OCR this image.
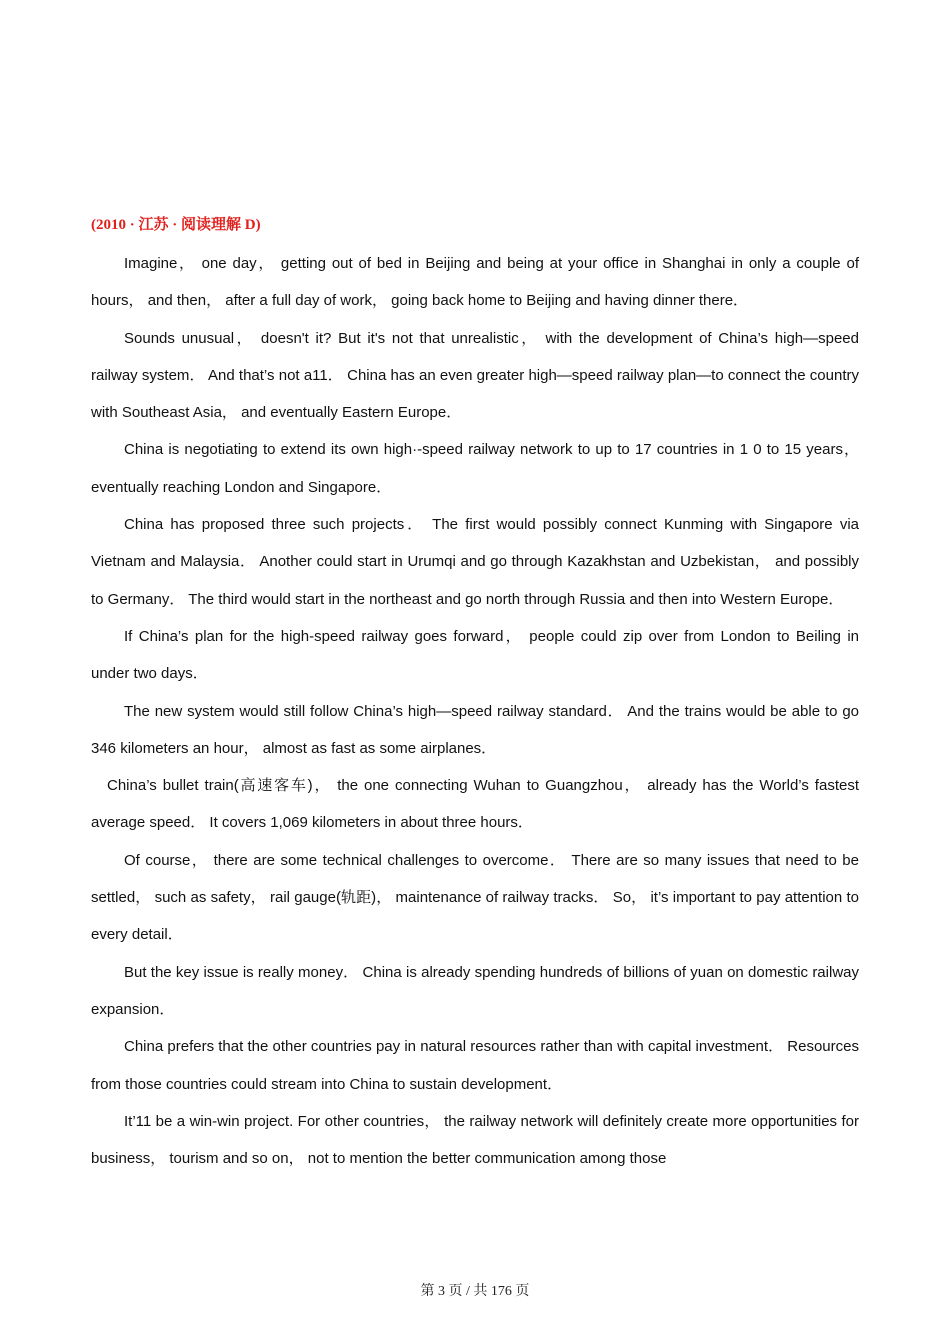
(2010 · 江苏 · 阅读理解 D)

Imagine， one day， getting out of bed in Beijing and being at your office in Shanghai in only a couple of hours， and then， after a full day of work， going back home to Beijing and having dinner there．

Sounds unusual， doesn't it? But it's not that unrealistic， with the development of China’s high—speed railway system． And that’s not a11． China has an even greater high—speed railway plan—to connect the country with Southeast Asia， and eventually Eastern Europe．

China is negotiating to extend its own high·-speed railway network to up to 17 countries in 1 0 to 15 years， eventually reaching London and Singapore．

China has proposed three such projects． The first would possibly connect Kunming with Singapore via Vietnam and Malaysia． Another could start in Urumqi and go through Kazakhstan and Uzbekistan， and possibly to Germany． The third would start in the northeast and go north through Russia and then into Western Europe．

If China’s plan for the high-speed railway goes forward， people could zip over from London to Beiling in under two days．

The new system would still follow China’s high—speed railway standard． And the trains would be able to go 346 kilometers an hour， almost as fast as some airplanes．

China’s bullet train(高速客车)， the one connecting Wuhan to Guangzhou， already has the World’s fastest average speed． It covers 1,069 kilometers in about three hours．

Of course， there are some technical challenges to overcome． There are so many issues that need to be settled， such as safety， rail gauge(轨距)， maintenance of railway tracks． So， it’s important to pay attention to every detail．

But the key issue is really money． China is already spending hundreds of billions of yuan on domestic railway expansion．

China prefers that the other countries pay in natural resources rather than with capital investment． Resources from those countries could stream into China to sustain development．

It’11 be a win-win project. For other countries， the railway network will definitely create more opportunities for business， tourism and so on， not to mention the better communication among those

第 3 页 / 共 176 页
